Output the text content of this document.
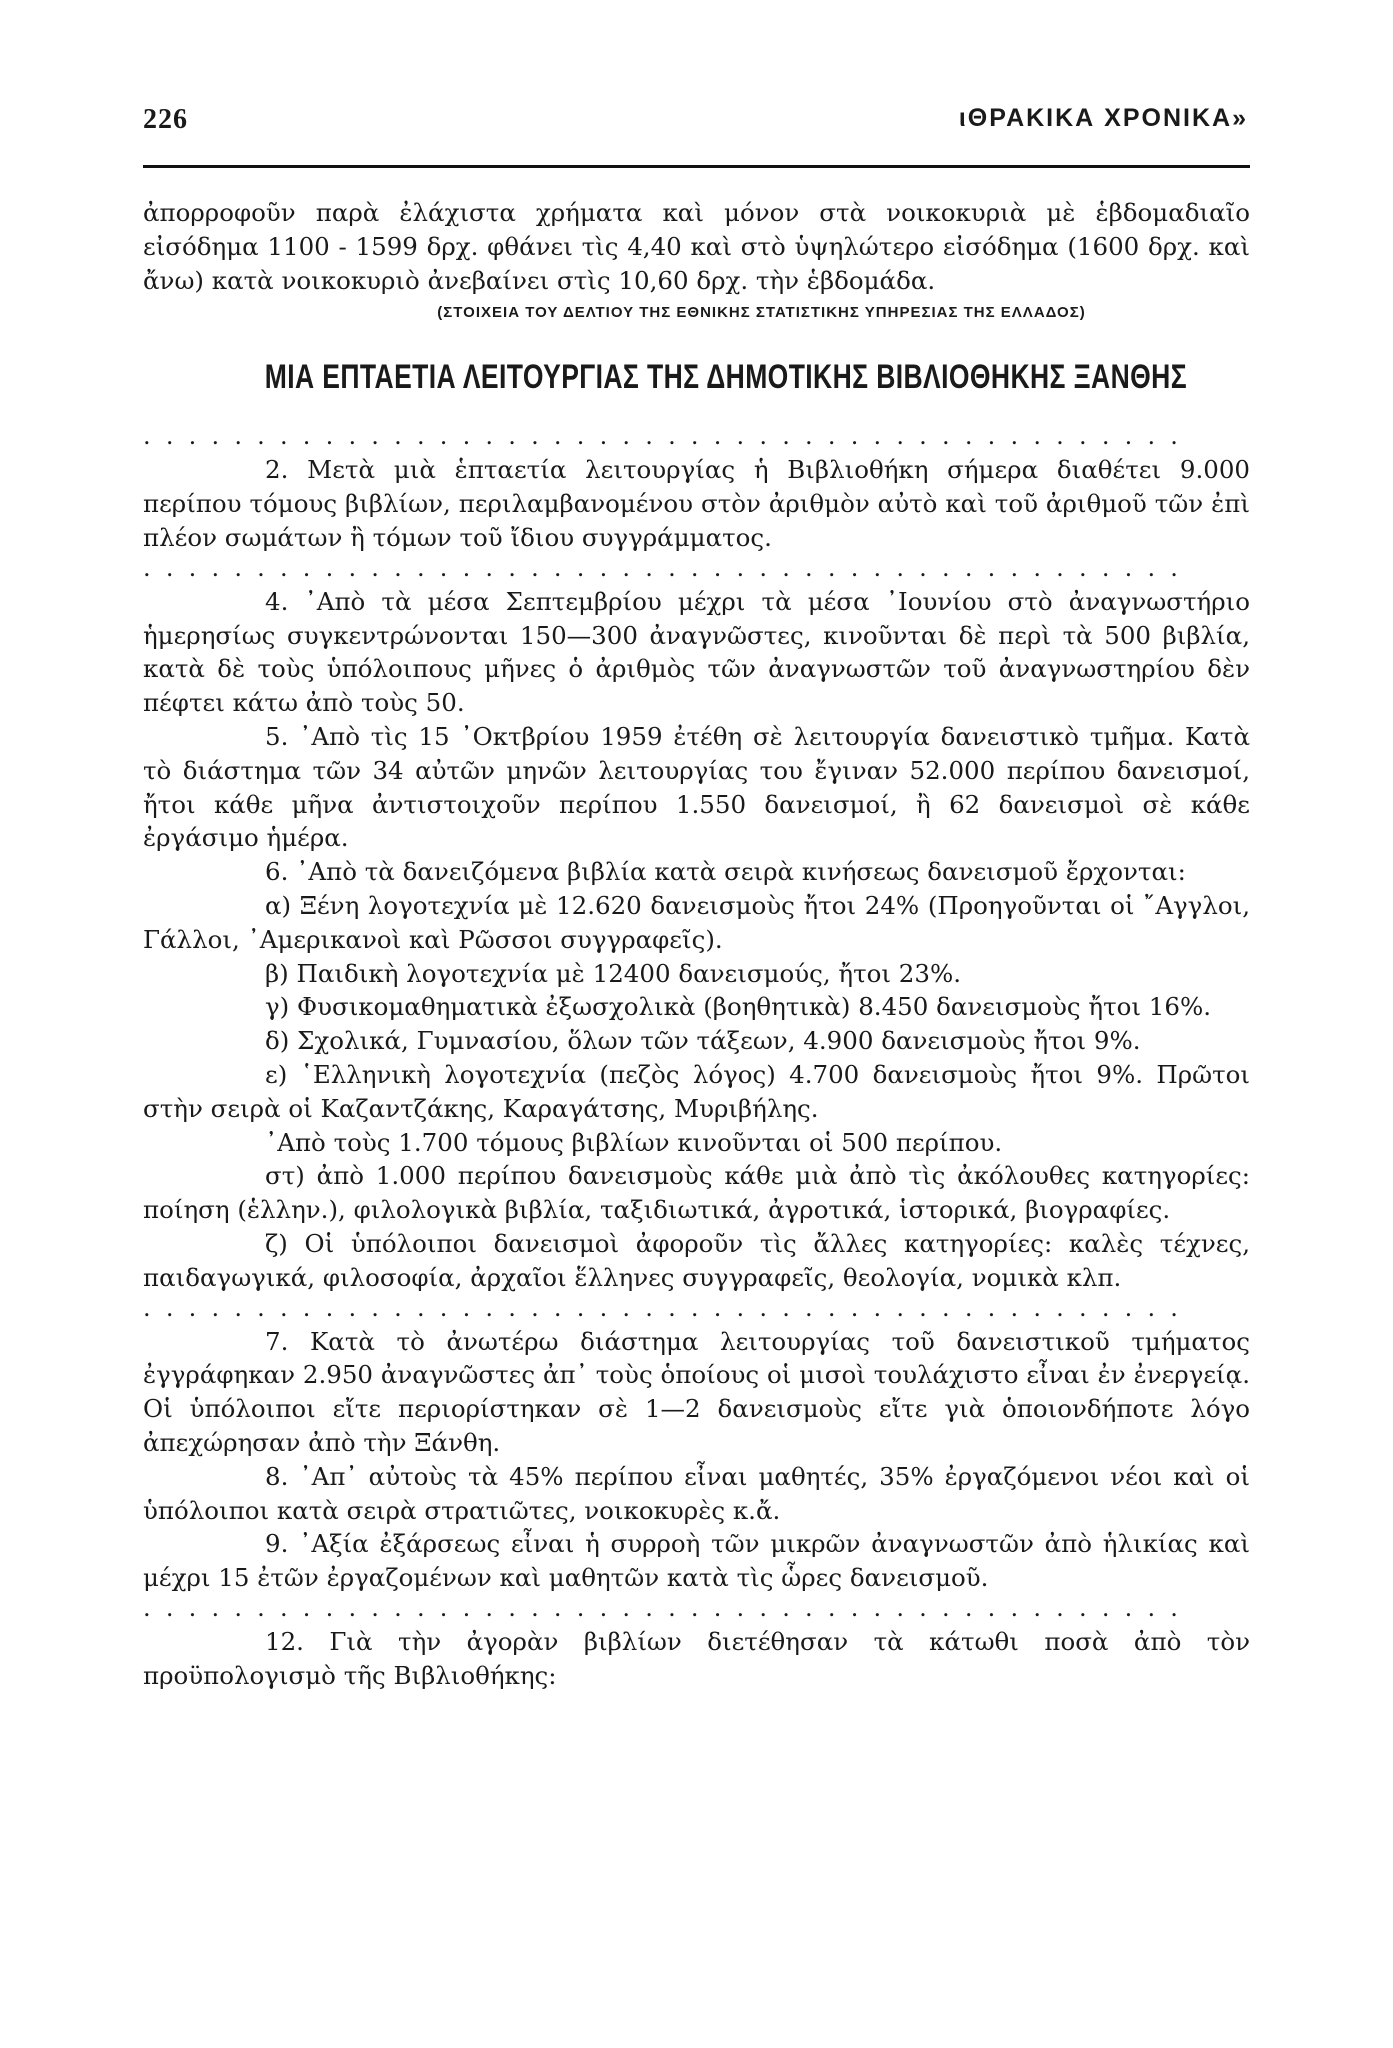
226	ιΘΡΑΚΙΚΑ ΧΡΟΝΙΚΑ»

ἀπορροφοῦν παρὰ ἐλάχιστα χρήματα καὶ μόνον στὰ νοικοκυριὰ μὲ ἑβδομαδιαῖο εἰσόδημα 1100 - 1599 δρχ. φθάνει τὶς 4,40 καὶ στὸ ὑψηλώτερο εἰσόδημα (1600 δρχ. καὶ ἄνω) κατὰ νοικοκυριὸ ἀνεβαίνει στὶς 10,60 δρχ. τὴν ἑβδομάδα.

(ΣΤΟΙΧΕΙΑ ΤΟΥ ΔΕΛΤΙΟΥ ΤΗΣ ΕΘΝΙΚΗΣ ΣΤΑΤΙΣΤΙΚΗΣ ΥΠΗΡΕΣΙΑΣ ΤΗΣ ΕΛΛΑΔΟΣ)

ΜΙΑ ΕΠΤΑΕΤΙΑ ΛΕΙΤΟΥΡΓΙΑΣ ΤΗΣ ΔΗΜΟΤΙΚΗΣ ΒΙΒΛΙΟΘΗΚΗΣ ΞΑΝΘΗΣ

..............................................

2. Μετὰ μιὰ ἑπταετία λειτουργίας ἡ Βιβλιοθήκη σήμερα διαθέτει 9.000 περίπου τόμους βιβλίων, περιλαμβανομένου στὸν ἀριθμὸν αὐτὸ καὶ τοῦ ἀριθμοῦ τῶν ἐπὶ πλέον σωμάτων ἢ τόμων τοῦ ἴδιου συγγράμματος.

..............................................

4. ᾿Απὸ τὰ μέσα Σεπτεμβρίου μέχρι τὰ μέσα ᾿Ιουνίου στὸ ἀναγνωστήριο ἡμερησίως συγκεντρώνονται 150—300 ἀναγνῶστες, κινοῦνται δὲ περὶ τὰ 500 βιβλία, κατὰ δὲ τοὺς ὑπόλοιπους μῆνες ὁ ἀριθμὸς τῶν ἀναγνωστῶν τοῦ ἀναγνωστηρίου δὲν πέφτει κάτω ἀπὸ τοὺς 50.

5. ᾿Απὸ τὶς 15 ᾿Οκτβρίου 1959 ἐτέθη σὲ λειτουργία δανειστικὸ τμῆμα. Κατὰ τὸ διάστημα τῶν 34 αὐτῶν μηνῶν λειτουργίας του ἔγιναν 52.000 περίπου δανεισμοί, ἤτοι κάθε μῆνα ἀντιστοιχοῦν περίπου 1.550 δανεισμοί, ἢ 62 δανεισμοὶ σὲ κάθε ἐργάσιμο ἡμέρα.

6. ᾿Απὸ τὰ δανειζόμενα βιβλία κατὰ σειρὰ κινήσεως δανεισμοῦ ἔρχονται:

α) Ξένη λογοτεχνία μὲ 12.620 δανεισμοὺς ἤτοι 24% (Προηγοῦνται οἱ ῎Αγγλοι, Γάλλοι, ᾿Αμερικανοὶ καὶ Ρῶσσοι συγγραφεῖς).

β) Παιδικὴ λογοτεχνία μὲ 12400 δανεισμούς, ἤτοι 23%.

γ) Φυσικομαθηματικὰ ἐξωσχολικὰ (βοηθητικὰ) 8.450 δανεισμοὺς ἤτοι 16%.

δ) Σχολικά, Γυμνασίου, ὅλων τῶν τάξεων, 4.900 δανεισμοὺς ἤτοι 9%.

ε) ῾Ελληνικὴ λογοτεχνία (πεζὸς λόγος) 4.700 δανεισμοὺς ἤτοι 9%. Πρῶτοι στὴν σειρὰ οἱ Καζαντζάκης, Καραγάτσης, Μυριβήλης.

᾿Απὸ τοὺς 1.700 τόμους βιβλίων κινοῦνται οἱ 500 περίπου.

στ) ἀπὸ 1.000 περίπου δανεισμοὺς κάθε μιὰ ἀπὸ τὶς ἀκόλουθες κατηγορίες: ποίηση (ἑλλην.), φιλολογικὰ βιβλία, ταξιδιωτικά, ἀγροτικά, ἱστορικά, βιογραφίες.

ζ) Οἱ ὑπόλοιποι δανεισμοὶ ἀφοροῦν τὶς ἄλλες κατηγορίες: καλὲς τέχνες, παιδαγωγικά, φιλοσοφία, ἀρχαῖοι ἕλληνες συγγραφεῖς, θεολογία, νομικὰ κλπ.

..............................................

7. Κατὰ τὸ ἀνωτέρω διάστημα λειτουργίας τοῦ δανειστικοῦ τμήματος ἐγγράφηκαν 2.950 ἀναγνῶστες ἀπ᾿ τοὺς ὁποίους οἱ μισοὶ τουλάχιστο εἶναι ἐν ἐνεργείᾳ. Οἱ ὑπόλοιποι εἴτε περιορίστηκαν σὲ 1—2 δανεισμοὺς εἴτε γιὰ ὁποιονδήποτε λόγο ἀπεχώρησαν ἀπὸ τὴν Ξάνθη.

8. ᾿Απ᾿ αὐτοὺς τὰ 45% περίπου εἶναι μαθητές, 35% ἐργαζόμενοι νέοι καὶ οἱ ὑπόλοιποι κατὰ σειρὰ στρατιῶτες, νοικοκυρὲς κ.ἄ.

9. ᾿Αξία ἐξάρσεως εἶναι ἡ συρροὴ τῶν μικρῶν ἀναγνωστῶν ἀπὸ ἡλικίας καὶ μέχρι 15 ἐτῶν ἐργαζομένων καὶ μαθητῶν κατὰ τὶς ὧρες δανεισμοῦ.

..............................................

12. Γιὰ τὴν ἀγορὰν βιβλίων διετέθησαν τὰ κάτωθι ποσὰ ἀπὸ τὸν προϋπολογισμὸ τῆς Βιβλιοθήκης:
